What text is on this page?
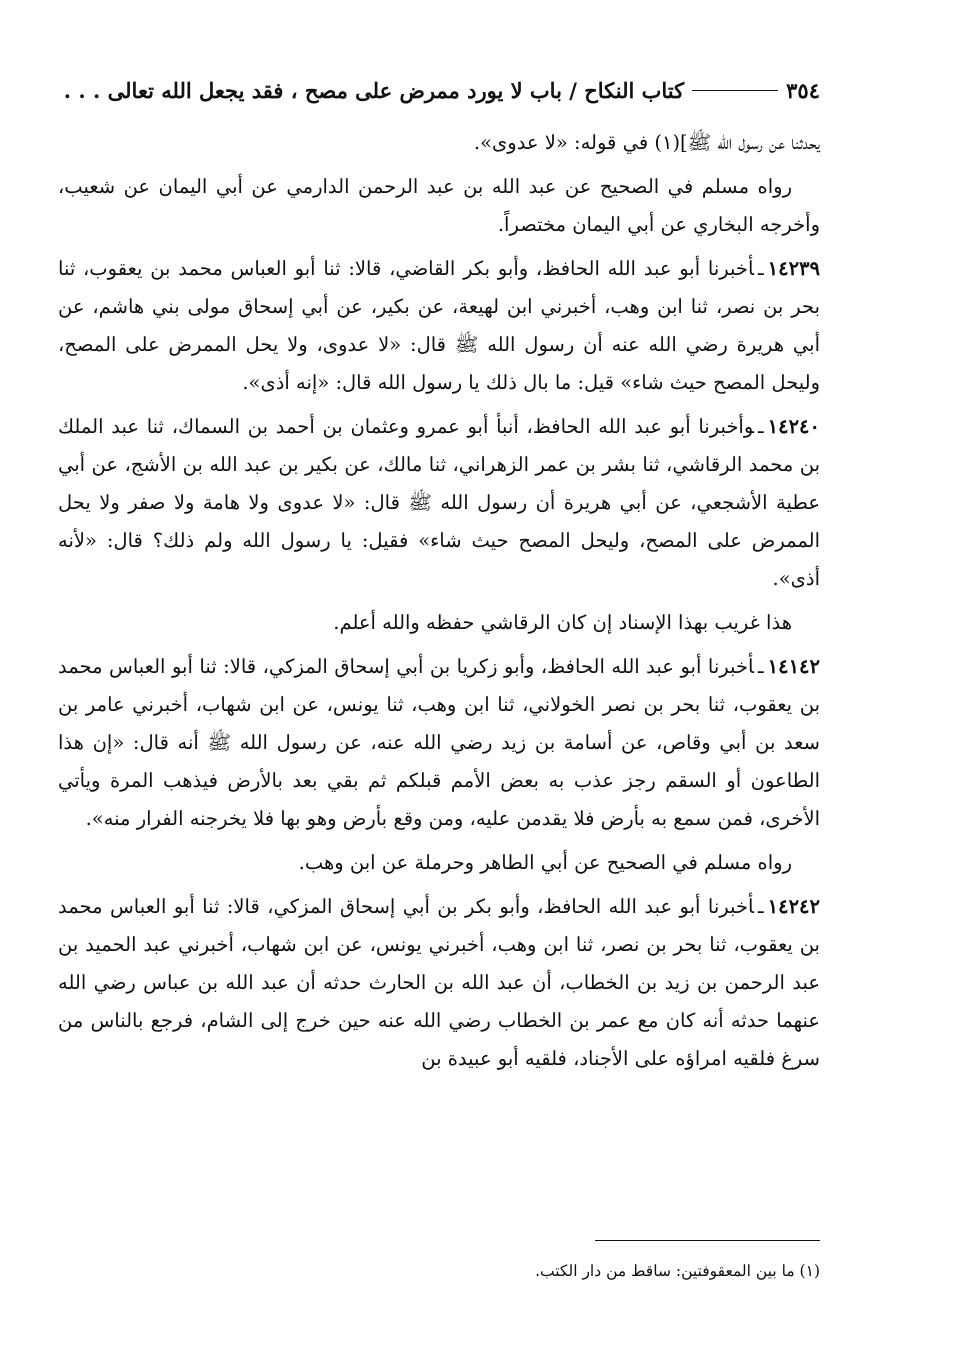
٣٥٤
كتاب النكاح / باب لا يورد ممرض على مصح ، فقد يجعل الله تعالى . . .

يحدثنا عن رسول الله ﷺ](١) في قوله: «لا عدوى».

رواه مسلم في الصحيح عن عبد الله بن عبد الرحمن الدارمي عن أبي اليمان عن شعيب، وأخرجه البخاري عن أبي اليمان مختصراً.

١٤٢٣٩ـأخبرنا أبو عبد الله الحافظ، وأبو بكر القاضي، قالا: ثنا أبو العباس محمد بن يعقوب، ثنا بحر بن نصر، ثنا ابن وهب، أخبرني ابن لهيعة، عن بكير، عن أبي إسحاق مولى بني هاشم، عن أبي هريرة رضي الله عنه أن رسول الله ﷺ قال: «لا عدوى، ولا يحل الممرض على المصح، وليحل المصح حيث شاء» قيل: ما بال ذلك يا رسول الله قال: «إنه أذى».

١٤٢٤٠ـوأخبرنا أبو عبد الله الحافظ، أنبأ أبو عمرو وعثمان بن أحمد بن السماك، ثنا عبد الملك بن محمد الرقاشي، ثنا بشر بن عمر الزهراني، ثنا مالك، عن بكير بن عبد الله بن الأشج، عن أبي عطية الأشجعي، عن أبي هريرة أن رسول الله ﷺ قال: «لا عدوى ولا هامة ولا صفر ولا يحل الممرض على المصح، وليحل المصح حيث شاء» فقيل: يا رسول الله ولم ذلك؟ قال: «لأنه أذى».

هذا غريب بهذا الإسناد إن كان الرقاشي حفظه والله أعلم.

١٤١٤٢ـأخبرنا أبو عبد الله الحافظ، وأبو زكريا بن أبي إسحاق المزكي، قالا: ثنا أبو العباس محمد بن يعقوب، ثنا بحر بن نصر الخولاني، ثنا ابن وهب، ثنا يونس، عن ابن شهاب، أخبرني عامر بن سعد بن أبي وقاص، عن أسامة بن زيد رضي الله عنه، عن رسول الله ﷺ أنه قال: «إن هذا الطاعون أو السقم رجز عذب به بعض الأمم قبلكم ثم بقي بعد بالأرض فيذهب المرة ويأتي الأخرى، فمن سمع به بأرض فلا يقدمن عليه، ومن وقع بأرض وهو بها فلا يخرجنه الفرار منه».

رواه مسلم في الصحيح عن أبي الطاهر وحرملة عن ابن وهب.

١٤٢٤٢ـأخبرنا أبو عبد الله الحافظ، وأبو بكر بن أبي إسحاق المزكي، قالا: ثنا أبو العباس محمد بن يعقوب، ثنا بحر بن نصر، ثنا ابن وهب، أخبرني يونس، عن ابن شهاب، أخبرني عبد الحميد بن عبد الرحمن بن زيد بن الخطاب، أن عبد الله بن الحارث حدثه أن عبد الله بن عباس رضي الله عنهما حدثه أنه كان مع عمر بن الخطاب رضي الله عنه حين خرج إلى الشام، فرجع بالناس من سرغ فلقيه امراؤه على الأجناد، فلقيه أبو عبيدة بن

(١) ما بين المعقوفتين: ساقط من دار الكتب.
